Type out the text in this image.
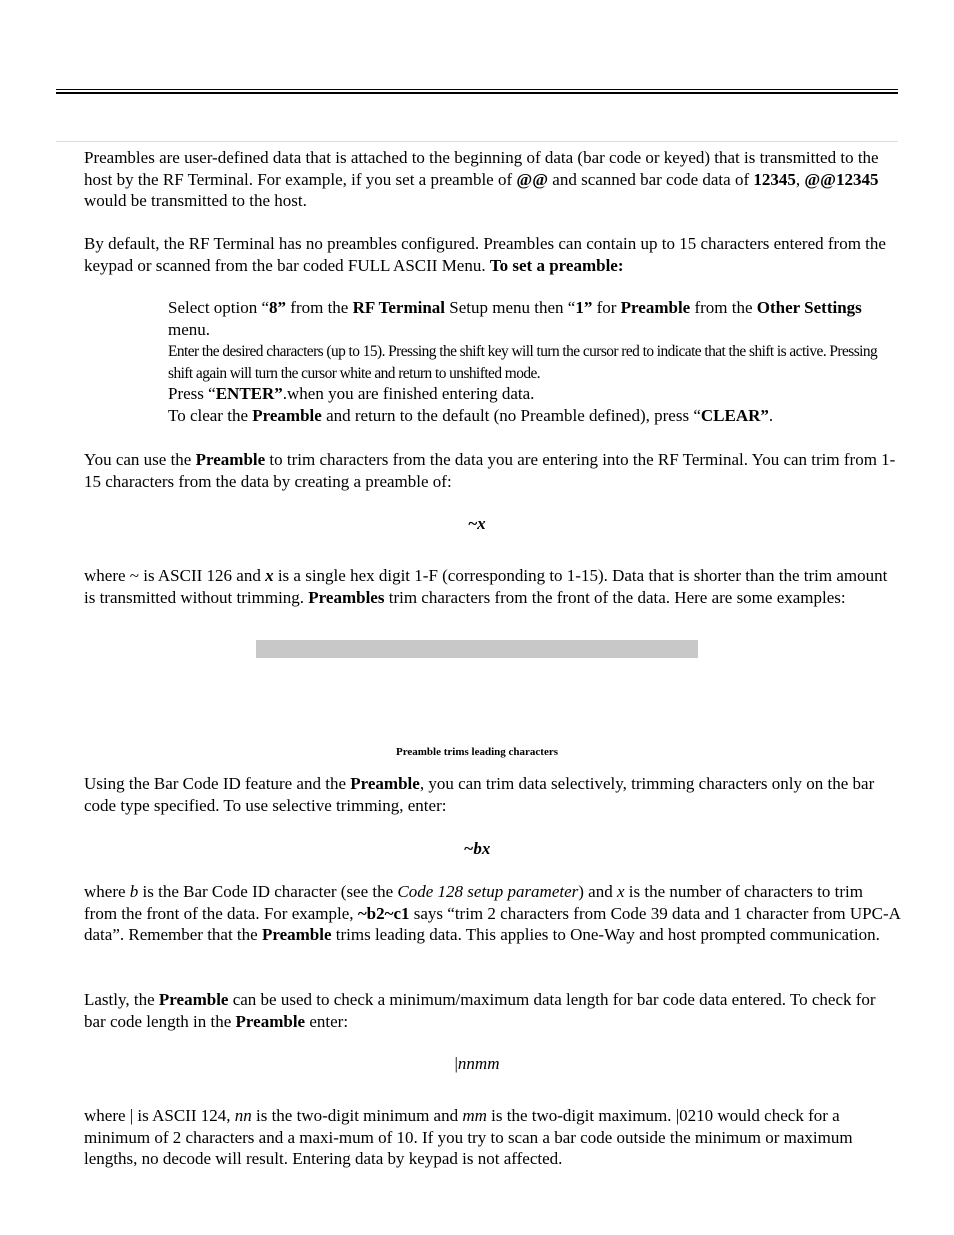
Preambles are user-defined data that is attached to the beginning of data (bar code or keyed) that is transmitted to the host by the RF Terminal. For example, if you set a preamble of @@ and scanned bar code data of 12345, @@12345 would be transmitted to the host.

By default, the RF Terminal has no preambles configured. Preambles can contain up to 15 characters entered from the keypad or scanned from the bar coded FULL ASCII Menu. To set a preamble:

Select option “8” from the RF Terminal Setup menu then “1” for Preamble from the Other Settings menu.

Enter the desired characters (up to 15). Pressing the shift key will turn the cursor red to indicate that the shift is active. Pressing shift again will turn the cursor white and return to unshifted mode.

Press “ENTER”.when you are finished entering data.

To clear the Preamble and return to the default (no Preamble defined), press “CLEAR”.

You can use the Preamble to trim characters from the data you are entering into the RF Terminal. You can trim from 1-15 characters from the data by creating a preamble of:

~x

where ~ is ASCII 126 and x is a single hex digit 1-F (corresponding to 1-15). Data that is shorter than the trim amount is transmitted without trimming. Preambles trim characters from the front of the data. Here are some examples:

Preamble trims leading characters

Using the Bar Code ID feature and the Preamble, you can trim data selectively, trimming characters only on the bar code type specified. To use selective trimming, enter:

~bx

where b is the Bar Code ID character (see the Code 128 setup parameter) and x is the number of characters to trim from the front of the data. For example, ~b2~c1 says “trim 2 characters from Code 39 data and 1 character from UPC-A data”. Remember that the Preamble trims leading data. This applies to One-Way and host prompted communication.

Lastly, the Preamble can be used to check a minimum/maximum data length for bar code data entered. To check for bar code length in the Preamble enter:

|nnmm

where | is ASCII 124, nn is the two-digit minimum and mm is the two-digit maximum. |0210 would check for a minimum of 2 characters and a maxi-mum of 10. If you try to scan a bar code outside the minimum or maximum lengths, no decode will result. Entering data by keypad is not affected.
